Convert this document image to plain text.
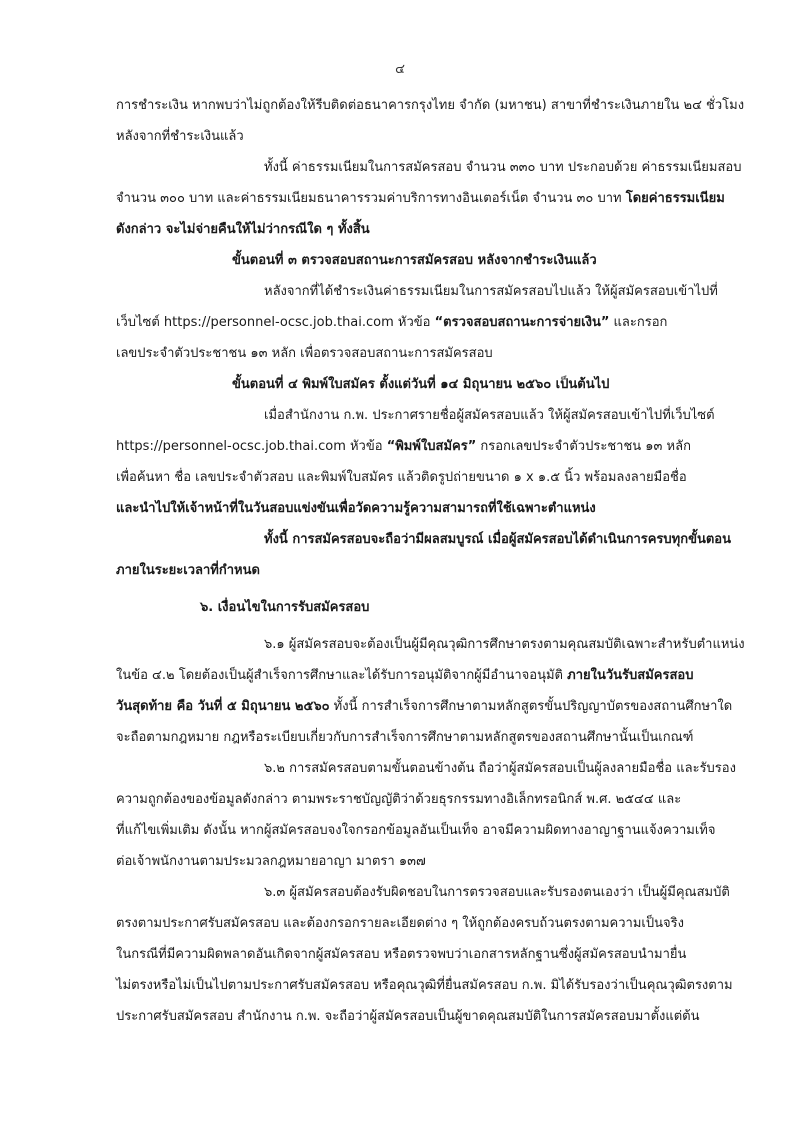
๔
การชำระเงิน หากพบว่าไม่ถูกต้องให้รีบติดต่อธนาคารกรุงไทย จำกัด (มหาชน) สาขาที่ชำระเงินภายใน ๒๔ ชั่วโมง
หลังจากที่ชำระเงินแล้ว
ทั้งนี้ ค่าธรรมเนียมในการสมัครสอบ จำนวน ๓๓๐ บาท ประกอบด้วย ค่าธรรมเนียมสอบ
จำนวน ๓๐๐ บาท และค่าธรรมเนียมธนาคารรวมค่าบริการทางอินเตอร์เน็ต จำนวน ๓๐ บาท โดยค่าธรรมเนียม
ดังกล่าว จะไม่จ่ายคืนให้ไม่ว่ากรณีใด ๆ ทั้งสิ้น
ขั้นตอนที่ ๓ ตรวจสอบสถานะการสมัครสอบ หลังจากชำระเงินแล้ว
หลังจากที่ได้ชำระเงินค่าธรรมเนียมในการสมัครสอบไปแล้ว ให้ผู้สมัครสอบเข้าไปที่
เว็บไซต์ https://personnel-ocsc.job.thai.com หัวข้อ “ตรวจสอบสถานะการจ่ายเงิน” และกรอก
เลขประจำตัวประชาชน ๑๓ หลัก เพื่อตรวจสอบสถานะการสมัครสอบ
ขั้นตอนที่ ๔ พิมพ์ใบสมัคร ตั้งแต่วันที่ ๑๔ มิถุนายน ๒๕๖๐ เป็นต้นไป
เมื่อสำนักงาน ก.พ. ประกาศรายชื่อผู้สมัครสอบแล้ว ให้ผู้สมัครสอบเข้าไปที่เว็บไซต์
https://personnel-ocsc.job.thai.com หัวข้อ “พิมพ์ใบสมัคร” กรอกเลขประจำตัวประชาชน ๑๓ หลัก
เพื่อค้นหา ชื่อ เลขประจำตัวสอบ และพิมพ์ใบสมัคร แล้วติดรูปถ่ายขนาด ๑ x ๑.๕ นิ้ว พร้อมลงลายมือชื่อ
และนำไปให้เจ้าหน้าที่ในวันสอบแข่งขันเพื่อวัดความรู้ความสามารถที่ใช้เฉพาะตำแหน่ง
ทั้งนี้ การสมัครสอบจะถือว่ามีผลสมบูรณ์ เมื่อผู้สมัครสอบได้ดำเนินการครบทุกขั้นตอน
ภายในระยะเวลาที่กำหนด
๖. เงื่อนไขในการรับสมัครสอบ
๖.๑ ผู้สมัครสอบจะต้องเป็นผู้มีคุณวุฒิการศึกษาตรงตามคุณสมบัติเฉพาะสำหรับตำแหน่ง
ในข้อ ๔.๒ โดยต้องเป็นผู้สำเร็จการศึกษาและได้รับการอนุมัติจากผู้มีอำนาจอนุมัติ ภายในวันรับสมัครสอบ
วันสุดท้าย คือ วันที่ ๕ มิถุนายน ๒๕๖๐ ทั้งนี้ การสำเร็จการศึกษาตามหลักสูตรขั้นปริญญาบัตรของสถานศึกษาใด
จะถือตามกฎหมาย กฎหรือระเบียบเกี่ยวกับการสำเร็จการศึกษาตามหลักสูตรของสถานศึกษานั้นเป็นเกณฑ์
๖.๒ การสมัครสอบตามขั้นตอนข้างต้น ถือว่าผู้สมัครสอบเป็นผู้ลงลายมือชื่อ และรับรอง
ความถูกต้องของข้อมูลดังกล่าว ตามพระราชบัญญัติว่าด้วยธุรกรรมทางอิเล็กทรอนิกส์ พ.ศ. ๒๕๔๔ และ
ที่แก้ไขเพิ่มเติม ดังนั้น หากผู้สมัครสอบจงใจกรอกข้อมูลอันเป็นเท็จ อาจมีความผิดทางอาญาฐานแจ้งความเท็จ
ต่อเจ้าพนักงานตามประมวลกฎหมายอาญา มาตรา ๑๓๗
๖.๓ ผู้สมัครสอบต้องรับผิดชอบในการตรวจสอบและรับรองตนเองว่า เป็นผู้มีคุณสมบัติ
ตรงตามประกาศรับสมัครสอบ และต้องกรอกรายละเอียดต่าง ๆ ให้ถูกต้องครบถ้วนตรงตามความเป็นจริง
ในกรณีที่มีความผิดพลาดอันเกิดจากผู้สมัครสอบ หรือตรวจพบว่าเอกสารหลักฐานซึ่งผู้สมัครสอบนำมายื่น
ไม่ตรงหรือไม่เป็นไปตามประกาศรับสมัครสอบ หรือคุณวุฒิที่ยื่นสมัครสอบ ก.พ. มิได้รับรองว่าเป็นคุณวุฒิตรงตาม
ประกาศรับสมัครสอบ สำนักงาน ก.พ. จะถือว่าผู้สมัครสอบเป็นผู้ขาดคุณสมบัติในการสมัครสอบมาตั้งแต่ต้น
